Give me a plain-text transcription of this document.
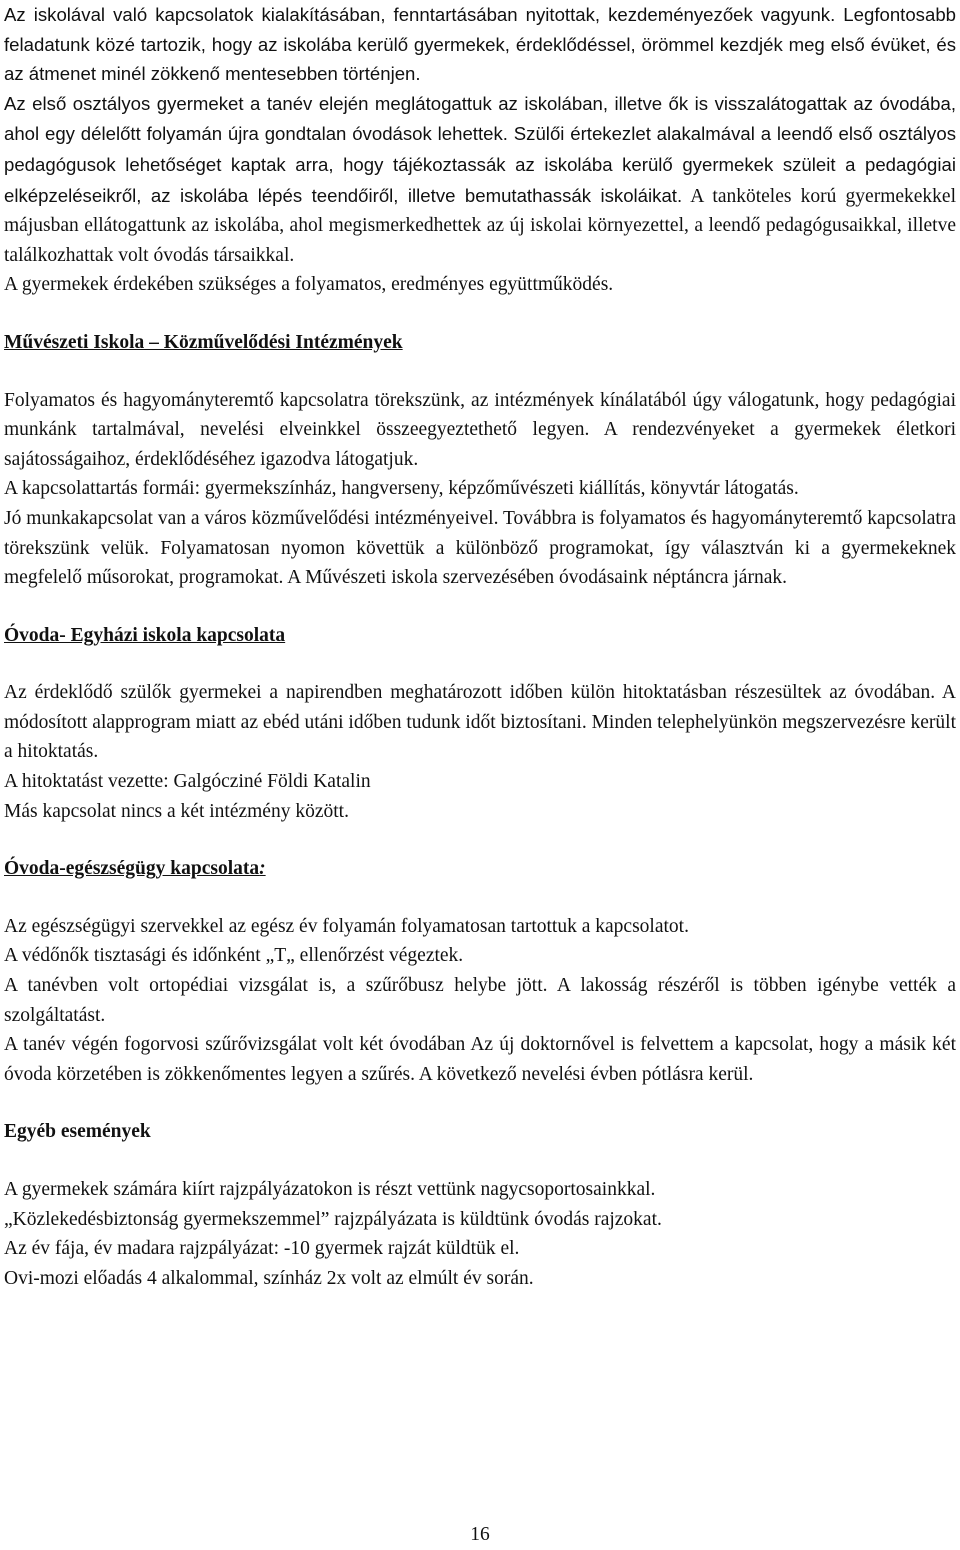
Az iskolával való kapcsolatok kialakításában, fenntartásában nyitottak, kezdeményezőek vagyunk. Legfontosabb feladatunk közé tartozik, hogy az iskolába kerülő gyermekek, érdeklődéssel, örömmel kezdjék meg első évüket, és az átmenet minél zökkenő mentesebben történjen.

Az első osztályos gyermeket a tanév elején meglátogattuk az iskolában, illetve ők is visszalátogattak az óvodába, ahol egy délelőtt folyamán újra gondtalan óvodások lehettek. Szülői értekezlet alakalmával a leendő első osztályos pedagógusok lehetőséget kaptak arra, hogy tájékoztassák az iskolába kerülő gyermekek szüleit a pedagógiai elképzeléseikről, az iskolába lépés teendőiről, illetve bemutathassák iskoláikat. A tanköteles korú gyermekekkel májusban ellátogattunk az iskolába, ahol megismerkedhettek az új iskolai környezettel, a leendő pedagógusaikkal, illetve találkozhattak volt óvodás társaikkal.

A gyermekek érdekében szükséges a folyamatos, eredményes együttműködés.

Művészeti Iskola – Közművelődési Intézmények

Folyamatos és hagyományteremtő kapcsolatra törekszünk, az intézmények kínálatából úgy válogatunk, hogy pedagógiai munkánk tartalmával, nevelési elveinkkel összeegyeztethető legyen. A rendezvényeket a gyermekek életkori sajátosságaihoz, érdeklődéséhez igazodva látogatjuk.

A kapcsolattartás formái: gyermekszínház, hangverseny, képzőművészeti kiállítás, könyvtár látogatás.

Jó munkakapcsolat van a város közművelődési intézményeivel. Továbbra is folyamatos és hagyományteremtő kapcsolatra törekszünk velük. Folyamatosan nyomon követtük a különböző programokat, így választván ki a gyermekeknek megfelelő műsorokat, programokat. A Művészeti iskola szervezésében óvodásaink néptáncra járnak.

Óvoda- Egyházi iskola kapcsolata

Az érdeklődő szülők gyermekei a napirendben meghatározott időben külön hitoktatásban részesültek az óvodában. A módosított alapprogram miatt az ebéd utáni időben tudunk időt biztosítani. Minden telephelyünkön megszervezésre került a hitoktatás.

A hitoktatást vezette: Galgócziné Földi Katalin

Más kapcsolat nincs a két intézmény között.

Óvoda-egészségügy kapcsolata:

Az egészségügyi szervekkel az egész év folyamán folyamatosan tartottuk a kapcsolatot.

A védőnők tisztasági és időnként „T„ ellenőrzést végeztek.

A tanévben volt ortopédiai vizsgálat is, a szűrőbusz helybe jött. A lakosság részéről is többen igénybe vették a szolgáltatást.

A tanév végén fogorvosi szűrővizsgálat volt két óvodában Az új doktornővel is felvettem a kapcsolat, hogy a másik két óvoda körzetében is zökkenőmentes legyen a szűrés. A következő nevelési évben pótlásra kerül.

Egyéb események

A gyermekek számára kiírt rajzpályázatokon is részt vettünk nagycsoportosainkkal.

„Közlekedésbiztonság gyermekszemmel” rajzpályázata is küldtünk óvodás rajzokat.

Az év fája, év madara rajzpályázat: -10 gyermek rajzát küldtük el.

Ovi-mozi előadás 4 alkalommal, színház 2x volt az elmúlt év során.

16
